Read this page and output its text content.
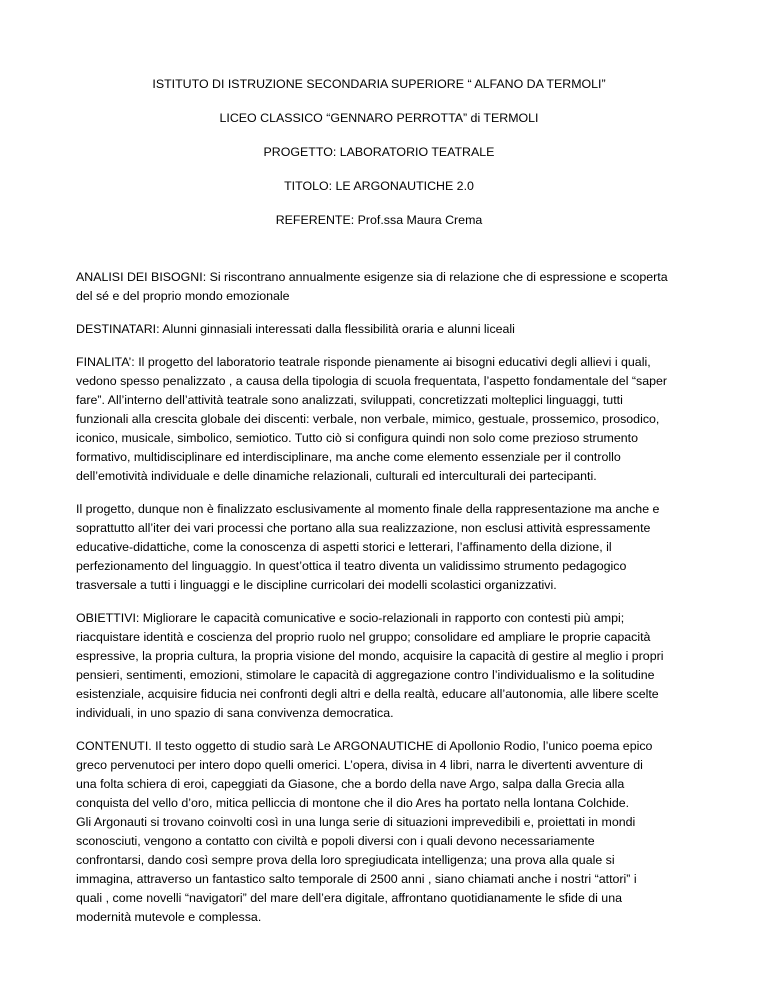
ISTITUTO DI ISTRUZIONE SECONDARIA SUPERIORE “ ALFANO DA TERMOLI”

LICEO CLASSICO “GENNARO PERROTTA” di TERMOLI

PROGETTO: LABORATORIO TEATRALE

TITOLO: LE ARGONAUTICHE 2.0

REFERENTE: Prof.ssa Maura Crema

ANALISI DEI BISOGNI: Si riscontrano annualmente esigenze sia di relazione che di espressione e scoperta
del sé e del proprio mondo emozionale
DESTINATARI: Alunni ginnasiali interessati dalla flessibilità oraria e alunni liceali
FINALITA’: Il progetto del laboratorio teatrale risponde pienamente ai bisogni educativi degli allievi i quali,
vedono spesso penalizzato , a causa della tipologia di scuola frequentata, l’aspetto fondamentale del “saper
fare”. All’interno dell’attività teatrale sono analizzati, sviluppati, concretizzati molteplici linguaggi, tutti
funzionali alla crescita globale dei discenti: verbale, non verbale, mimico, gestuale, prossemico, prosodico,
iconico, musicale, simbolico, semiotico. Tutto ciò si configura quindi non solo come prezioso strumento
formativo, multidisciplinare ed interdisciplinare, ma anche come elemento essenziale per il controllo
dell’emotività individuale e delle dinamiche relazionali, culturali ed interculturali dei partecipanti.
Il progetto, dunque non è finalizzato esclusivamente al momento finale della rappresentazione ma anche e
soprattutto all’iter dei vari processi che portano alla sua realizzazione, non esclusi attività espressamente
educative-didattiche, come la conoscenza di aspetti storici e letterari, l’affinamento della dizione, il
perfezionamento del linguaggio. In quest’ottica il teatro diventa un validissimo strumento pedagogico
trasversale a tutti i linguaggi e le discipline curricolari dei modelli scolastici organizzativi.
OBIETTIVI: Migliorare le capacità comunicative e socio-relazionali in rapporto con contesti più ampi;
riacquistare identità e coscienza del proprio ruolo nel gruppo; consolidare ed ampliare le proprie capacità
espressive, la propria cultura, la propria visione del mondo, acquisire la capacità di gestire al meglio i propri
pensieri, sentimenti, emozioni, stimolare le capacità di aggregazione contro l’individualismo e la solitudine
esistenziale, acquisire fiducia nei confronti degli altri e della realtà, educare all’autonomia, alle libere scelte
individuali, in uno spazio di sana convivenza democratica.
CONTENUTI. Il testo oggetto di studio sarà Le ARGONAUTICHE di Apollonio Rodio, l’unico poema epico
greco pervenutoci per intero dopo quelli omerici. L’opera, divisa in 4 libri, narra le divertenti avventure di
una folta schiera di eroi, capeggiati da Giasone, che a bordo della nave Argo, salpa dalla Grecia alla
conquista del vello d’oro, mitica pelliccia di montone che il dio Ares ha portato nella lontana Colchide.
Gli Argonauti si trovano coinvolti così in una lunga serie di situazioni imprevedibili e, proiettati in mondi
sconosciuti, vengono a contatto con civiltà e popoli diversi con i quali devono necessariamente
confrontarsi, dando così sempre prova della loro spregiudicata intelligenza; una prova alla quale si
immagina, attraverso un fantastico salto temporale di 2500 anni , siano chiamati anche i nostri “attori” i
quali , come novelli “navigatori” del mare dell’era digitale, affrontano quotidianamente le sfide di una
modernità mutevole e complessa.
